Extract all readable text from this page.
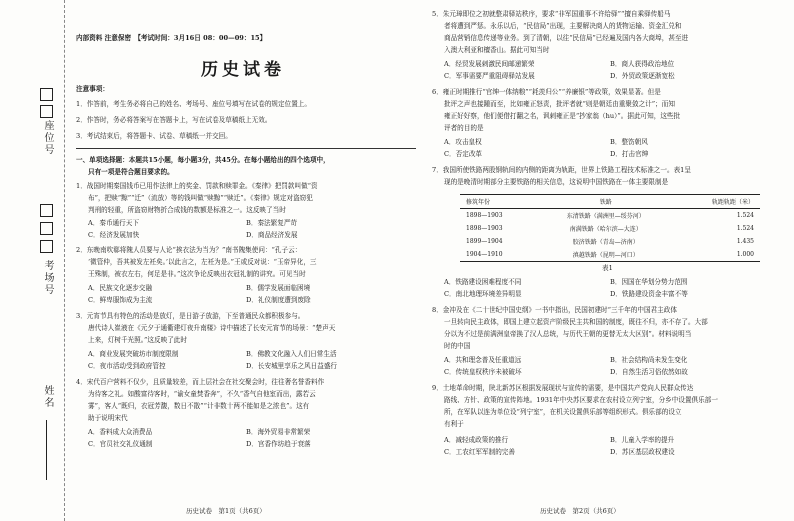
座位号
考场号
姓名
内部资料 注意保密　 【考试时间：3月16日 08：00—09：15】
历史试卷
注意事项：
1．作答前，考生务必将自己的姓名、考场号、座位号填写在试卷的规定位置上。
2．作答时，务必将答案写在答题卡上，写在试卷及草稿纸上无效。
3．考试结束后，将答题卡、试卷、草稿纸一并交回。
一、单项选择题：本题共15小题，每小题3分，共45分。在每小题给出的四个选项中，
只有一项是符合题目要求的。
1．战国时期秦国钱币已用作法律上的奖金、罚款和赎罪金。《秦律》把罚款叫做“资
布”，把赎“黥”“迁”（流放）等的钱叫做“赎黥”“赎迁”。《秦律》规定对盗窃犯
判刑的轻重，所盗窃财物折合成钱的数额是标准之一。这反映了当时
A．秦币通行天下	B．秦法繁复严苛
C．经济发展加快	D．商品经济发展
2．东晚南吹郗将隗人员要与人论“挨衣法为当为？”南书隗集使问：“孔子云：
‘微管仲，吾其被发左衽矣。’以此言之，左衽为是。”王或反对说：“玉帝异化，三
王殊制，被衣左右，何足是非。”这次争论反映出衣冠礼制的讲究。可见当时
A．民族文化逐步交融	B．儒学发展面临困境
C．鲜卑服饰成为主流	D．礼仪制度遭到废除
3．元宵节具有特色的活动是放灯，是日游子放游，下至普通民众都积极参与。
唐代诗人崔液在《元夕于通衢建灯夜升南楼》诗中描述了长安元宵节的场景：“楚声天
上来，灯树千光照。”这反映了此时
A．商业发展突破坊市制度限制	B．佛教文化融入人们日常生活
C．夜市活动受到政府管控	D．长安城里享乐之风日益盛行
4．宋代百户营料不仅少，且质量较差，而上层社会在社交聚会时，往往奢名誉香料作
为待客之礼。如酸富待客时，“谕女童焚香奔”，不久“香气自他室而出，露若云
雾”，客人“既归，衣冠芳馥，数日不散”“计非数十两不能如是之浓也”。这有
助于说明宋代
A．香料成大众消费品	B．海外贸易非常繁荣
C．官员社交礼仪通制	D．宫香作坊趋于衰落
历史试卷　第1页（共6页）
5．朱元璋即位之初就整肃驿站秩序，要求“非军国重事不许给驿”“擅自乘驿传船马
者将遭到严惩。永乐以后，“民信局”出现，主要解决商人的货物运输、资金汇兑和
商品营销信息传递等业务。到了清朝，以往“民信局”已经遍及国内各大商埠，甚至进
入澳大利亚和檀香山。据此可知当时
A．经贸发展刺激民间邮递繁荣	B．商人获得政治地位
C．军事需要严重阻碍驿站发展	D．外贸政策逐渐宽松
6．雍正时期推行“官绅一体纳粮”“耗羡归公”“养廉银”等政策，效果显著。但是
批评之声也接踵而至，比如雍正怒责，批评者就“则是朝廷由重聚敛之计”；而知
雍正好好察，他们便借打翻之名，讽刺雍正是“抄家翁（hu）”。据此可知，这些批
评者的目的是
A．攻击皇权	B．整饬朝风
C．否定改革	D．打击官绅
7．我国所使铁路两股钢轨间的内侧的距离为轨距，世界上铁路工程技术标准之一。表1呈
现的是晚清时期部分主要铁路的相关信息，这说明中国铁路在一体主要限制是
修筑年份	铁路	轨距轨距（米）
1898—1903	东清铁路（满洲里—绥芬河）	1.524
1898—1903	南满铁路（哈尔滨—大连）	1.524
1899—1904	胶济铁路（青岛—济南）	1.435
1904—1910	滇越铁路（昆明—河口）	1.000
表1
A．铁路建设困难程度不同	B．因国在华划分势力范围
C．南北地理环境差异明显	D．铁路建设资金丰富不等
8．金冲及在《二十世纪中国史纲》一书中指出，民国初建时“三千年的中国君主政体
一旦转向民主政体，即国上建立起资产阶级民主共和国的制度，既往不归，亦不存了。大部
分以为不过是前满洲皇帝换了汉人总统，与历代王朝的更替无太大区别”。材料说明当
时的中国
A．共和理念普及任重道远	B．社会结构尚未发生变化
C．传统皇权秩序未被破坏	D．自然生活习俗依然如故
9．土地革命时期，陕北新苏区根据发展现状与宣传的需要，是中国共产党向人民群众传达
路线、方针、政策的宣传阵地。1931年中央苏区要求在农村设立列宁室，分乡中设置俱乐部一
所，在军队以连为单位设“列宁室”，在机关设置俱乐部等组织形式。俱乐部的设立
有利于
A．减轻成政策的推行	B．儿童入学率的提升
C．工农红军军制的完善	D．苏区基层政权建设
历史试卷　第2页（共6页）
